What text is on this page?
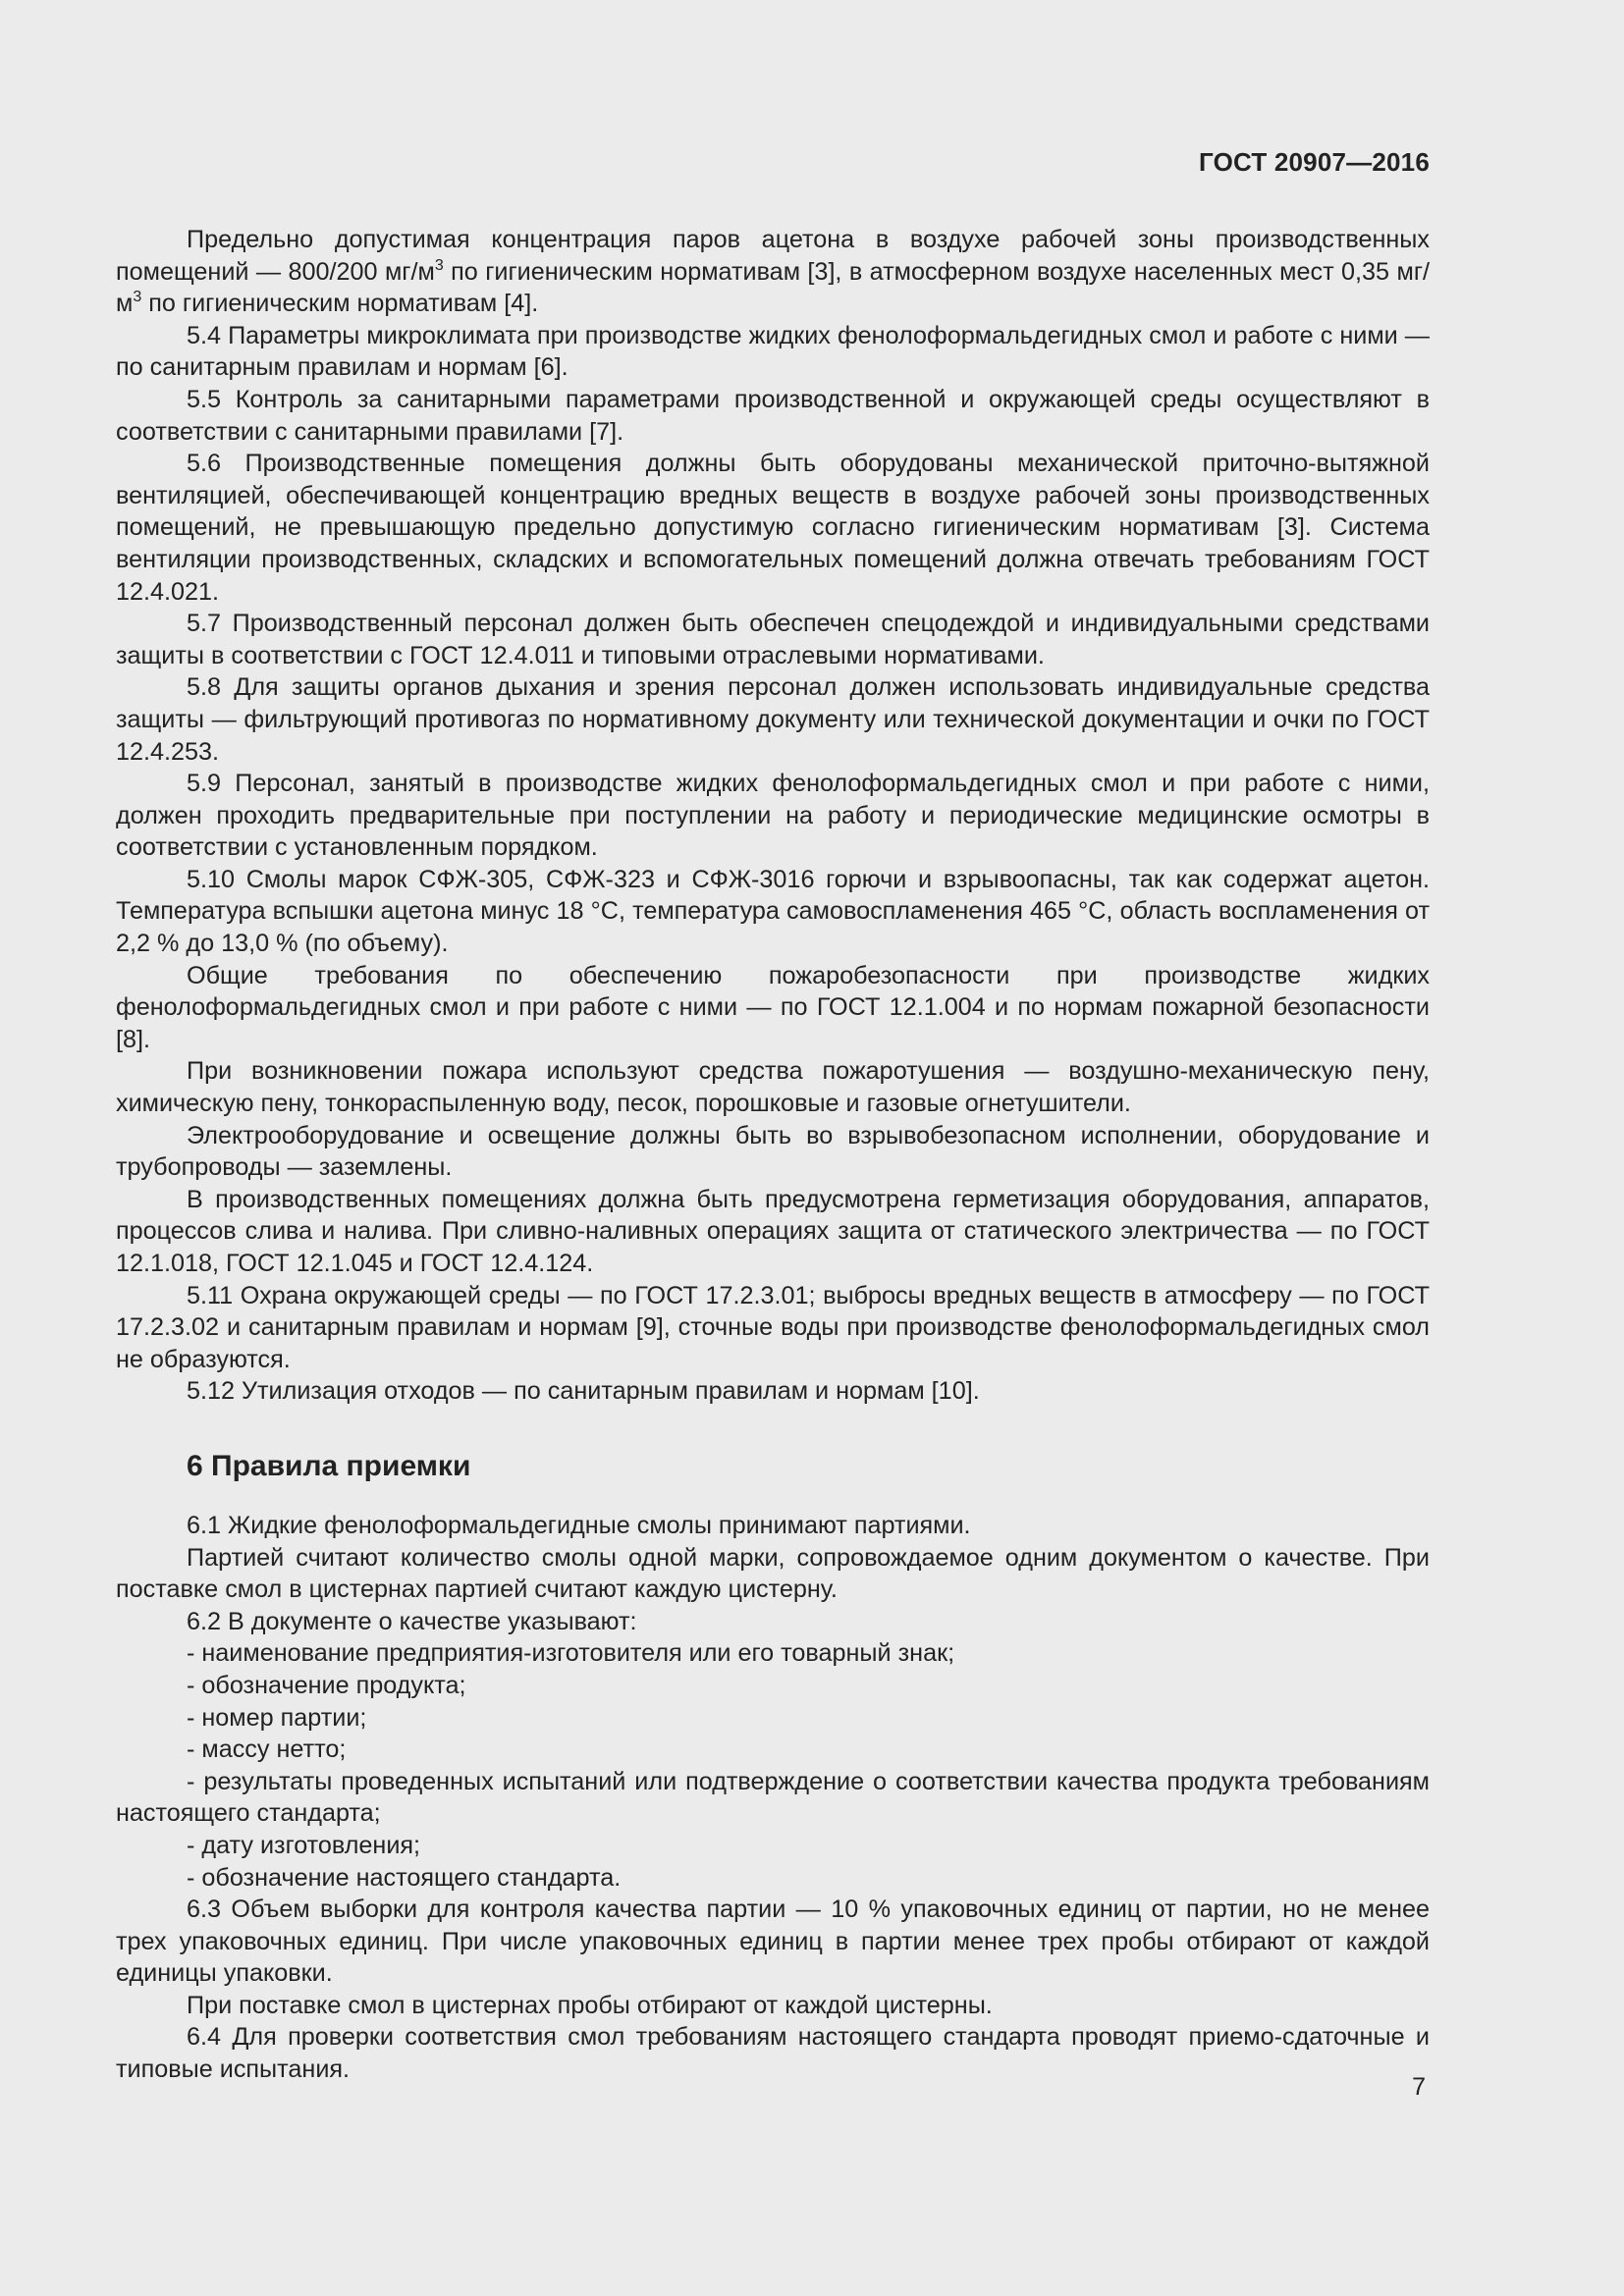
ГОСТ 20907—2016

Предельно допустимая концентрация паров ацетона в воздухе рабочей зоны производственных помещений — 800/200 $мг/м^3$ по гигиеническим нормативам [3], в атмосферном воздухе населенных мест 0,35 $мг/м^3$ по гигиеническим нормативам [4].

5.4 Параметры микроклимата при производстве жидких фенолоформальдегидных смол и работе с ними — по санитарным правилам и нормам [6].

5.5 Контроль за санитарными параметрами производственной и окружающей среды осуществляют в соответствии с санитарными правилами [7].

5.6 Производственные помещения должны быть оборудованы механической приточно-вытяжной вентиляцией, обеспечивающей концентрацию вредных веществ в воздухе рабочей зоны производственных помещений, не превышающую предельно допустимую согласно гигиеническим нормативам [3]. Система вентиляции производственных, складских и вспомогательных помещений должна отвечать требованиям ГОСТ 12.4.021.

5.7 Производственный персонал должен быть обеспечен спецодеждой и индивидуальными средствами защиты в соответствии с ГОСТ 12.4.011 и типовыми отраслевыми нормативами.

5.8 Для защиты органов дыхания и зрения персонал должен использовать индивидуальные средства защиты — фильтрующий противогаз по нормативному документу или технической документации и очки по ГОСТ 12.4.253.

5.9 Персонал, занятый в производстве жидких фенолоформальдегидных смол и при работе с ними, должен проходить предварительные при поступлении на работу и периодические медицинские осмотры в соответствии с установленным порядком.

5.10 Смолы марок СФЖ-305, СФЖ-323 и СФЖ-3016 горючи и взрывоопасны, так как содержат ацетон. Температура вспышки ацетона минус 18 °С, температура самовоспламенения 465 °С, область воспламенения от 2,2 % до 13,0 % (по объему).

Общие требования по обеспечению пожаробезопасности при производстве жидких фенолоформальдегидных смол и при работе с ними — по ГОСТ 12.1.004 и по нормам пожарной безопасности [8].

При возникновении пожара используют средства пожаротушения — воздушно-механическую пену, химическую пену, тонкораспыленную воду, песок, порошковые и газовые огнетушители.

Электрооборудование и освещение должны быть во взрывобезопасном исполнении, оборудование и трубопроводы — заземлены.

В производственных помещениях должна быть предусмотрена герметизация оборудования, аппаратов, процессов слива и налива. При сливно-наливных операциях защита от статического электричества — по ГОСТ 12.1.018, ГОСТ 12.1.045 и ГОСТ 12.4.124.

5.11 Охрана окружающей среды — по ГОСТ 17.2.3.01; выбросы вредных веществ в атмосферу — по ГОСТ 17.2.3.02 и санитарным правилам и нормам [9], сточные воды при производстве фенолоформальдегидных смол не образуются.

5.12 Утилизация отходов — по санитарным правилам и нормам [10].

6 Правила приемки

6.1 Жидкие фенолоформальдегидные смолы принимают партиями.

Партией считают количество смолы одной марки, сопровождаемое одним документом о качестве. При поставке смол в цистернах партией считают каждую цистерну.

6.2 В документе о качестве указывают:

- наименование предприятия-изготовителя или его товарный знак;

- обозначение продукта;

- номер партии;

- массу нетто;

- результаты проведенных испытаний или подтверждение о соответствии качества продукта требованиям настоящего стандарта;

- дату изготовления;

- обозначение настоящего стандарта.

6.3 Объем выборки для контроля качества партии — 10 % упаковочных единиц от партии, но не менее трех упаковочных единиц. При числе упаковочных единиц в партии менее трех пробы отбирают от каждой единицы упаковки.

При поставке смол в цистернах пробы отбирают от каждой цистерны.

6.4 Для проверки соответствия смол требованиям настоящего стандарта проводят приемо-сдаточные и типовые испытания.

7
